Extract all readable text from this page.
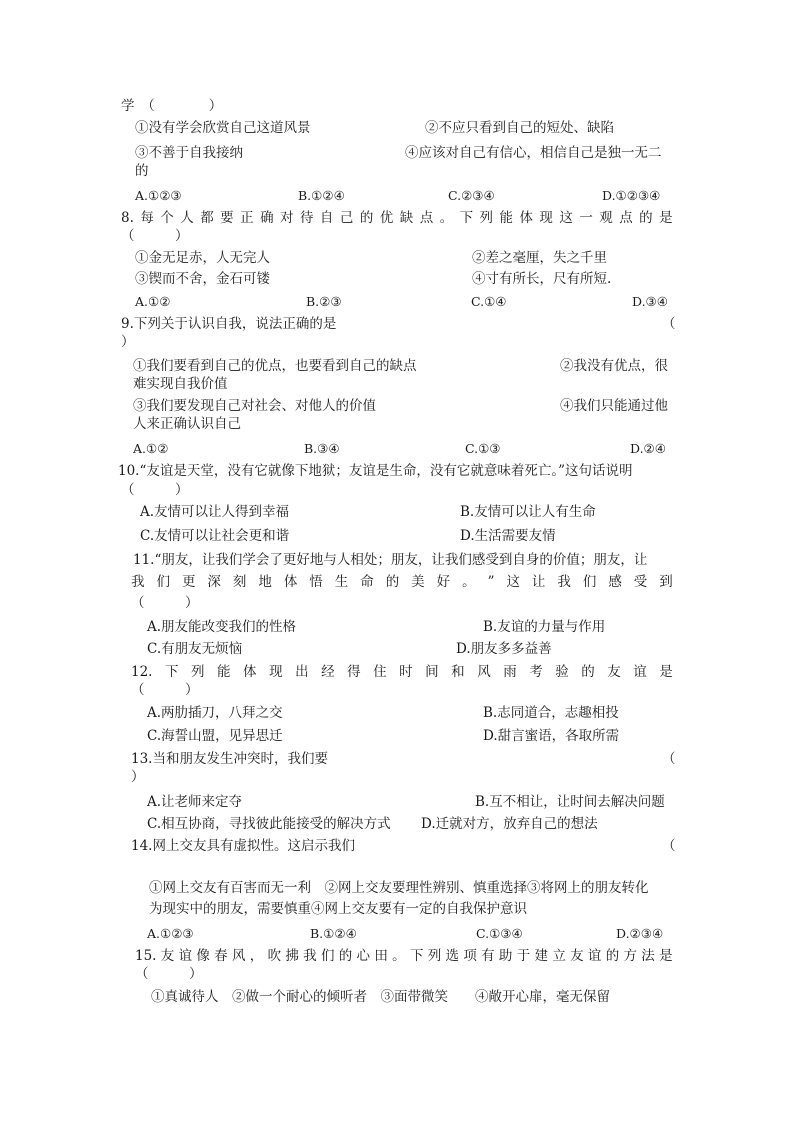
学　（　　　　）
①没有学会欣赏自己这道风景	②不应只看到自己的短处、缺陷
③不善于自我接纳	④应该对自己有信心，相信自己是独一无二
的
A.①②③	B.①②④	C.②③④	D.①②③④
8. 每 个 人 都 要 正 确 对 待 自 己 的 优 缺 点 。 下 列 能 体 现 这 一 观 点 的 是
（　　　）
①金无足赤，人无完人	②差之毫厘，失之千里
③锲而不舍，金石可镂	④寸有所长，尺有所短.
A.①②	B.②③	C.①④	D.③④
9.下列关于认识自我，说法正确的是	（
）
①我们要看到自己的优点，也要看到自己的缺点	②我没有优点，很
难实现自我价值
③我们要发现自己对社会、对他人的价值	④我们只能通过他
人来正确认识自己
A.①②	B.③④	C.①③	D.②④
10.“友谊是天堂，没有它就像下地狱；友谊是生命，没有它就意味着死亡。”这句话说明
（　　　）
A.友情可以让人得到幸福	B.友情可以让人有生命
C.友情可以让社会更和谐	D.生活需要友情
11.“朋友，让我们学会了更好地与人相处；朋友，让我们感受到自身的价值；朋友，让
我 们 更 深 刻 地 体 悟 生 命 的 美 好 。 ” 这 让 我 们 感 受 到
（　　　）
A.朋友能改变我们的性格	B.友谊的力量与作用
C.有朋友无烦恼	D.朋友多多益善
12. 下 列 能 体 现 出 经 得 住 时 间 和 风 雨 考 验 的 友 谊 是
（　　　）
A.两肋插刀，八拜之交	B.志同道合，志趣相投
C.海誓山盟，见异思迁	D.甜言蜜语，各取所需
13.当和朋友发生冲突时，我们要	（
）
A.让老师来定夺	B.互不相让，让时间去解决问题
C.相互协商，寻找彼此能接受的解决方式 D.迁就对方，放弃自己的想法
14.网上交友具有虚拟性。这启示我们	（
①网上交友有百害而无一利　②网上交友要理性辨别、慎重选择③将网上的朋友转化
为现实中的朋友，需要慎重④网上交友要有一定的自我保护意识
A.①②③	B.①②④	C.①③④	D.②③④
15. 友 谊 像 春 风 ， 吹 拂 我 们 的 心 田 。 下 列 选 项 有 助 于 建 立 友 谊 的 方 法 是
（　　　）
①真诚待人　②做一个耐心的倾听者　③面带微笑　　④敞开心扉，毫无保留
